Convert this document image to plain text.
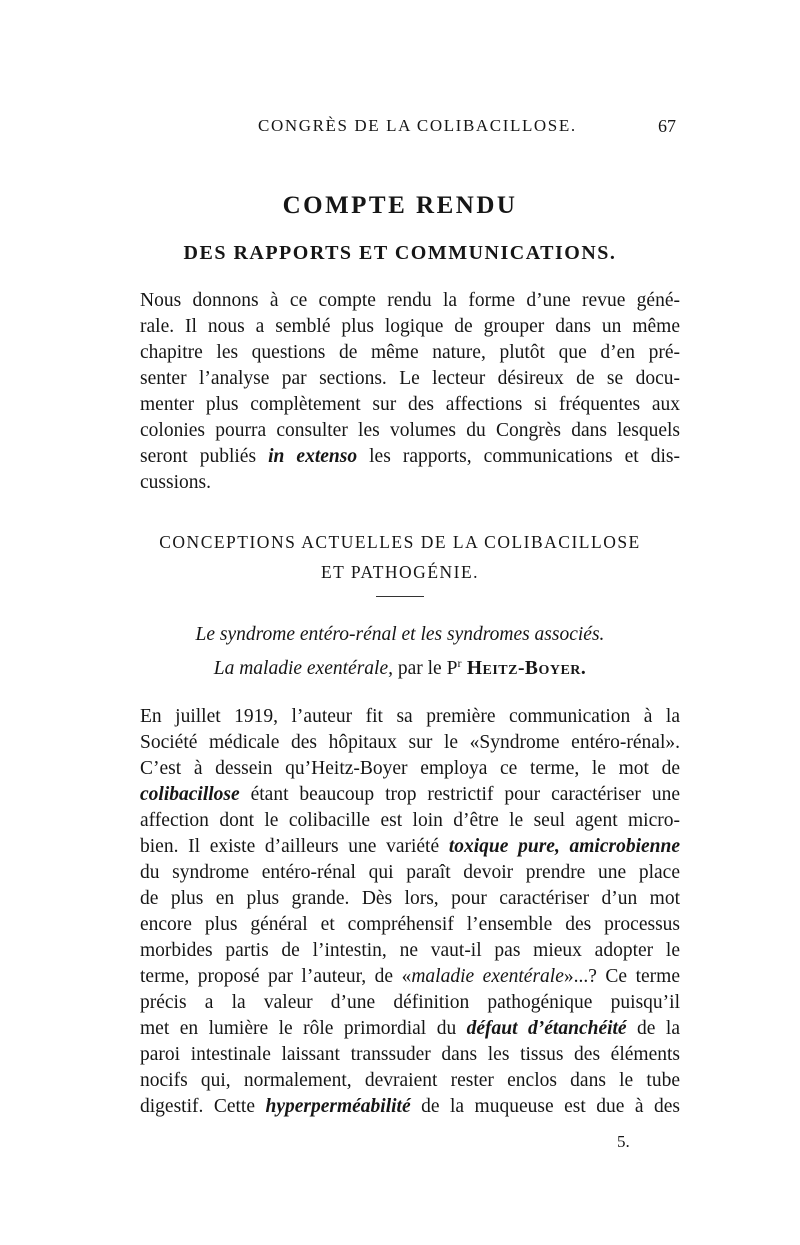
CONGRÈS DE LA COLIBACILLOSE.	67
COMPTE RENDU
DES RAPPORTS ET COMMUNICATIONS.
Nous donnons à ce compte rendu la forme d’une revue géné-
rale. Il nous a semblé plus logique de grouper dans un même
chapitre les questions de même nature, plutôt que d’en pré-
senter l’analyse par sections. Le lecteur désireux de se docu-
menter plus complètement sur des affections si fréquentes aux
colonies pourra consulter les volumes du Congrès dans lesquels
seront publiés in extenso les rapports, communications et dis-
cussions.
CONCEPTIONS ACTUELLES DE LA COLIBACILLOSE
ET PATHOGÉNIE.
Le syndrome entéro-rénal et les syndromes associés.
La maladie exentérale, par le $P^r$ Heitz-Boyer.
En juillet 1919, l’auteur fit sa première communication à la
Société médicale des hôpitaux sur le «Syndrome entéro-rénal».
C’est à dessein qu’Heitz-Boyer employa ce terme, le mot de
colibacillose étant beaucoup trop restrictif pour caractériser une
affection dont le colibacille est loin d’être le seul agent micro-
bien. Il existe d’ailleurs une variété toxique pure, amicrobienne
du syndrome entéro-rénal qui paraît devoir prendre une place
de plus en plus grande. Dès lors, pour caractériser d’un mot
encore plus général et compréhensif l’ensemble des processus
morbides partis de l’intestin, ne vaut-il pas mieux adopter le
terme, proposé par l’auteur, de «maladie exentérale»...? Ce terme
précis a la valeur d’une définition pathogénique puisqu’il
met en lumière le rôle primordial du défaut d’étanchéité de la
paroi intestinale laissant transsuder dans les tissus des éléments
nocifs qui, normalement, devraient rester enclos dans le tube
digestif. Cette hyperperméabilité de la muqueuse est due à des
5.
